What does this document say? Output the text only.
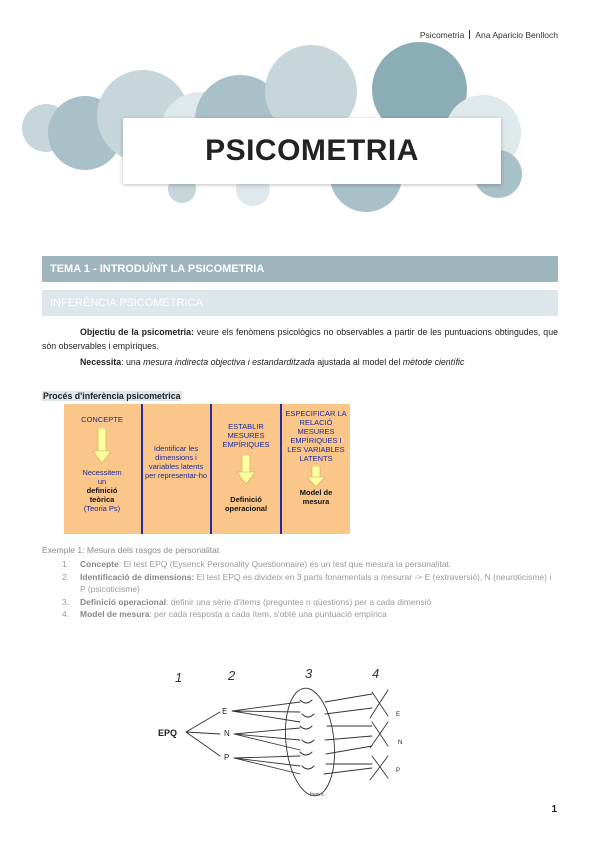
Psicometria Ana Aparicio Benlloch
PSICOMETRIA
TEMA 1 - INTRODUÏNT LA PSICOMETRIA
INFERÈNCIA PSICOMETRICA
Objectiu de la psicometria: veure els fenòmens psicològics no observables a partir de les puntuacions obtingudes, que són observables i empíriques.
Necessita: una mesura indirecta objectiva i estandarditzada ajustada al model del mètode científic
Procés d'inferència psicometrica
CONCEPTE
Necessitem un
definició teòrica
(Teoria Ps)
Identificar les dimensions i variables latents per representar-ho
ESTABLIR MESURES EMPÍRIQUES
Definició operacional
ESPECIFICAR LA RELACIÓ MESURES EMPÍRIQUES I LES VARIABLES LATENTS
Model de mesura
Exemple 1: Mesura dels rasgos de personalitat
1. Concepte: El test EPQ (Eysenck Personality Questionnaire) és un test que mesura la personalitat.
2. Identificació de dimensions: El test EPQ es divideix en 3 parts fonamentals a mesurar -> E (extraversió), N (neuroticisme) i P (psicoticisme)
3. Definició operacional: definir una sèrie d'ítems (preguntes o qüestions) per a cada dimensió
4. Model de mesura: per cada resposta a cada ítem, s'obté una puntuació empírica
1	2	3	4
EPQ
E
N
P
E
N
P
Ítem s
1
